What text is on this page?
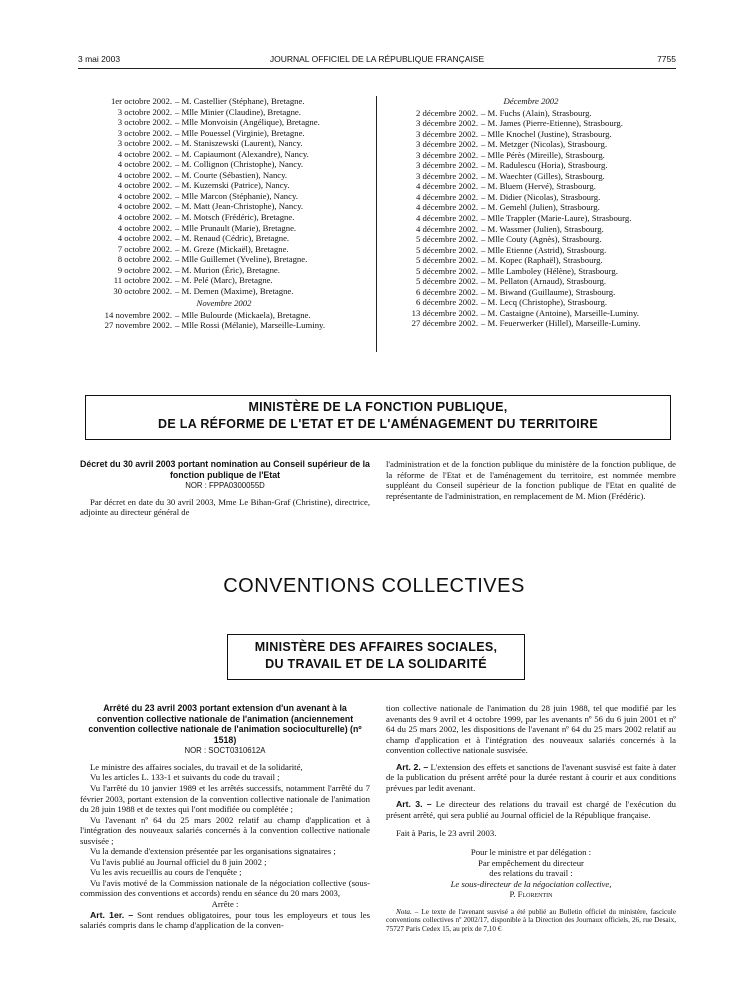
3 mai 2003	JOURNAL OFFICIEL DE LA RÉPUBLIQUE FRANÇAISE	7755
1er octobre 2002. – M. Castellier (Stéphane), Bretagne.
3 octobre 2002. – Mlle Minier (Claudine), Bretagne.
3 octobre 2002. – Mlle Monvoisin (Angélique), Bretagne.
3 octobre 2002. – Mlle Pouessel (Virginie), Bretagne.
3 octobre 2002. – M. Staniszewski (Laurent), Nancy.
4 octobre 2002. – M. Capiaumont (Alexandre), Nancy.
4 octobre 2002. – M. Collignon (Christophe), Nancy.
4 octobre 2002. – M. Courte (Sébastien), Nancy.
4 octobre 2002. – M. Kuzemski (Patrice), Nancy.
4 octobre 2002. – Mlle Marcon (Stéphanie), Nancy.
4 octobre 2002. – M. Matt (Jean-Christophe), Nancy.
4 octobre 2002. – M. Motsch (Frédéric), Bretagne.
4 octobre 2002. – Mlle Prunault (Marie), Bretagne.
4 octobre 2002. – M. Renaud (Cédric), Bretagne.
7 octobre 2002. – M. Greze (Mickaël), Bretagne.
8 octobre 2002. – Mlle Guillemet (Yveline), Bretagne.
9 octobre 2002. – M. Murion (Éric), Bretagne.
11 octobre 2002. – M. Pelé (Marc), Bretagne.
30 octobre 2002. – M. Demen (Maxime), Bretagne.
Novembre 2002
14 novembre 2002. – Mlle Bulourde (Mickaela), Bretagne.
27 novembre 2002. – Mlle Rossi (Mélanie), Marseille-Luminy.
Décembre 2002
2 décembre 2002. – M. Fuchs (Alain), Strasbourg.
3 décembre 2002. – M. James (Pierre-Etienne), Strasbourg.
3 décembre 2002. – Mlle Knochel (Justine), Strasbourg.
3 décembre 2002. – M. Metzger (Nicolas), Strasbourg.
3 décembre 2002. – Mlle Pérès (Mireille), Strasbourg.
3 décembre 2002. – M. Radulescu (Horia), Strasbourg.
3 décembre 2002. – M. Waechter (Gilles), Strasbourg.
4 décembre 2002. – M. Bluem (Hervé), Strasbourg.
4 décembre 2002. – M. Didier (Nicolas), Strasbourg.
4 décembre 2002. – M. Gemehl (Julien), Strasbourg.
4 décembre 2002. – Mlle Trappler (Marie-Laure), Strasbourg.
4 décembre 2002. – M. Wassmer (Julien), Strasbourg.
5 décembre 2002. – Mlle Couty (Agnès), Strasbourg.
5 décembre 2002. – Mlle Etienne (Astrid), Strasbourg.
5 décembre 2002. – M. Kopec (Raphaël), Strasbourg.
5 décembre 2002. – Mlle Lamboley (Hélène), Strasbourg.
5 décembre 2002. – M. Pellaton (Arnaud), Strasbourg.
6 décembre 2002. – M. Biwand (Guillaume), Strasbourg.
6 décembre 2002. – M. Lecq (Christophe), Strasbourg.
13 décembre 2002. – M. Castaigne (Antoine), Marseille-Luminy.
27 décembre 2002. – M. Feuerwerker (Hillel), Marseille-Luminy.
MINISTÈRE DE LA FONCTION PUBLIQUE,
DE LA RÉFORME DE L'ETAT ET DE L'AMÉNAGEMENT DU TERRITOIRE
Décret du 30 avril 2003 portant nomination au Conseil supérieur de la fonction publique de l'Etat
NOR : FPPA0300055D

Par décret en date du 30 avril 2003, Mme Le Bihan-Graf (Christine), directrice, adjointe au directeur général de

l'administration et de la fonction publique du ministère de la fonction publique, de la réforme de l'Etat et de l'aménagement du territoire, est nommée membre suppléant du Conseil supérieur de la fonction publique de l'Etat en qualité de représentante de l'administration, en remplacement de M. Mion (Frédéric).

CONVENTIONS COLLECTIVES
MINISTÈRE DES AFFAIRES SOCIALES,
DU TRAVAIL ET DE LA SOLIDARITÉ
Arrêté du 23 avril 2003 portant extension d'un avenant à la convention collective nationale de l'animation (anciennement convention collective nationale de l'animation socioculturelle) (nº 1518)
NOR : SOCT0310612A

Le ministre des affaires sociales, du travail et de la solidarité,

Vu les articles L. 133-1 et suivants du code du travail ;

Vu l'arrêté du 10 janvier 1989 et les arrêtés successifs, notamment l'arrêté du 7 février 2003, portant extension de la convention collective nationale de l'animation du 28 juin 1988 et de textes qui l'ont modifiée ou complétée ;

Vu l'avenant nº 64 du 25 mars 2002 relatif au champ d'application et à l'intégration des nouveaux salariés concernés à la convention collective nationale susvisée ;

Vu la demande d'extension présentée par les organisations signataires ;

Vu l'avis publié au Journal officiel du 8 juin 2002 ;

Vu les avis recueillis au cours de l'enquête ;

Vu l'avis motivé de la Commission nationale de la négociation collective (sous-commission des conventions et accords) rendu en séance du 20 mars 2003,

Arrête :

Art. 1er. – Sont rendues obligatoires, pour tous les employeurs et tous les salariés compris dans le champ d'application de la conven-

tion collective nationale de l'animation du 28 juin 1988, tel que modifié par les avenants des 9 avril et 4 octobre 1999, par les avenants nº 56 du 6 juin 2001 et nº 64 du 25 mars 2002, les dispositions de l'avenant nº 64 du 25 mars 2002 relatif au champ d'application et à l'intégration des nouveaux salariés concernés à la convention collective nationale susvisée.

Art. 2. – L'extension des effets et sanctions de l'avenant susvisé est faite à dater de la publication du présent arrêté pour la durée restant à courir et aux conditions prévues par ledit avenant.

Art. 3. – Le directeur des relations du travail est chargé de l'exécution du présent arrêté, qui sera publié au Journal officiel de la République française.

Fait à Paris, le 23 avril 2003.

Pour le ministre et par délégation :
Par empêchement du directeur
des relations du travail :
Le sous-directeur de la négociation collective,
P. Florentin
Nota. – Le texte de l'avenant susvisé a été publié au Bulletin officiel du ministère, fascicule conventions collectives nº 2002/17, disponible à la Direction des Journaux officiels, 26, rue Desaix, 75727 Paris Cedex 15, au prix de 7,10 €
